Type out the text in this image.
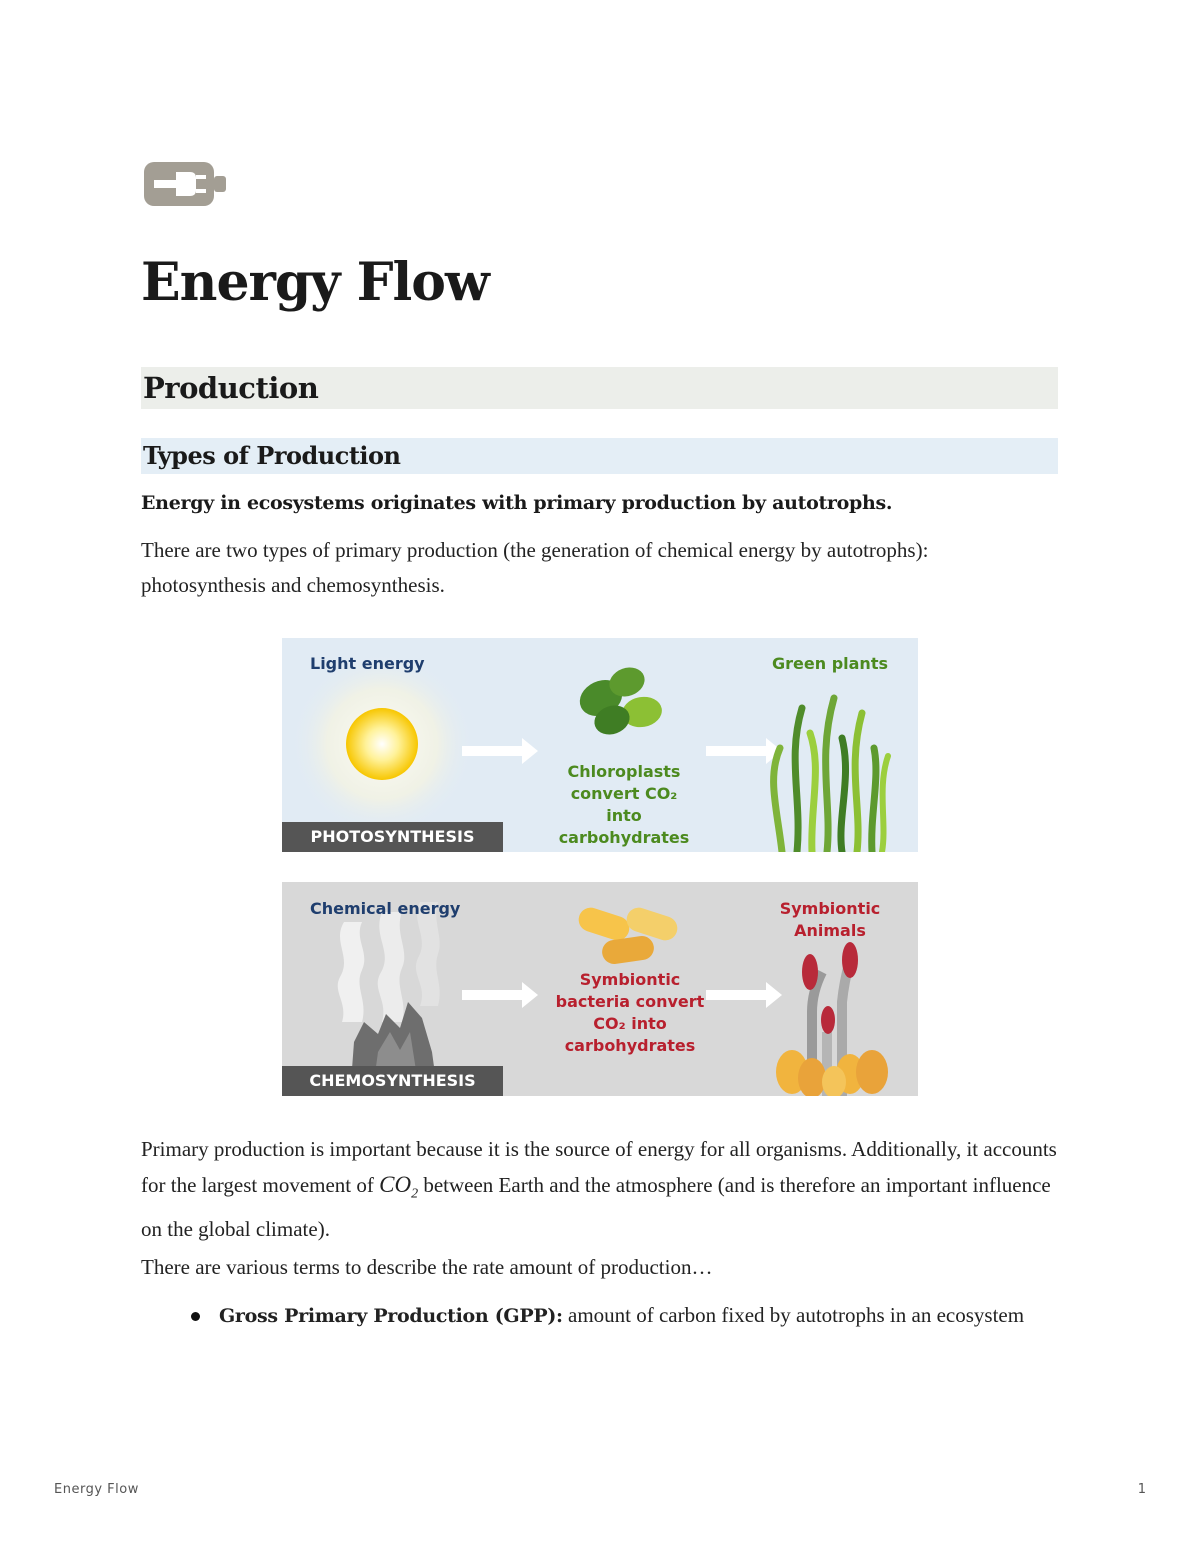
Energy Flow
Production
Types of Production

Energy in ecosystems originates with primary production by autotrophs.

There are two types of primary production (the generation of chemical energy by autotrophs): photosynthesis and chemosynthesis.

Light energy
Chloroplasts convert CO₂ into carbohydrates
Green plants
PHOTOSYNTHESIS
Chemical energy
Symbiontic bacteria convert CO₂ into carbohydrates
Symbiontic Animals
CHEMOSYNTHESIS

Primary production is important because it is the source of energy for all organisms. Additionally, it accounts for the largest movement of $CO_2$ between Earth and the atmosphere (and is therefore an important influence on the global climate).

There are various terms to describe the rate amount of production…

Gross Primary Production (GPP): amount of carbon fixed by autotrophs in an ecosystem
Energy Flow	1
